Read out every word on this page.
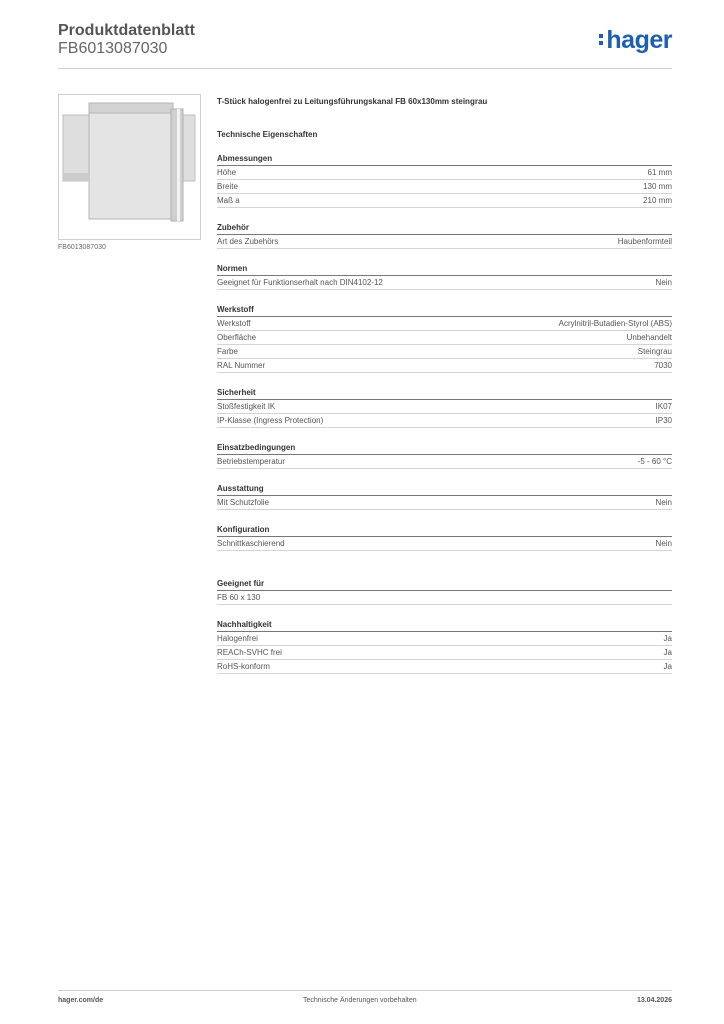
Produktdatenblatt
FB6013087030	hager
FB6013087030
T-Stück halogenfrei zu Leitungsführungskanal FB 60x130mm steingrau
Technische Eigenschaften
Abmessungen
Höhe	61 mm
Breite	130 mm
Maß a	210 mm
Zubehör
Art des Zubehörs	Haubenformteil
Normen
Geeignet für Funktionserhalt nach DIN4102-12	Nein
Werkstoff
Werkstoff	Acrylnitril-Butadien-Styrol (ABS)
Oberfläche	Unbehandelt
Farbe	Steingrau
RAL Nummer	7030
Sicherheit
Stoßfestigkeit IK	IK07
IP-Klasse (Ingress Protection)	IP30
Einsatzbedingungen
Betriebstemperatur	-5 - 60 °C
Ausstattung
Mit Schutzfolie	Nein
Konfiguration
Schnittkaschierend	Nein
Geeignet für
FB 60 x 130
Nachhaltigkeit
Halogenfrei	Ja
REACh-SVHC frei	Ja
RoHS-konform	Ja
hager.com/de	Technische Änderungen vorbehalten	13.04.2026
